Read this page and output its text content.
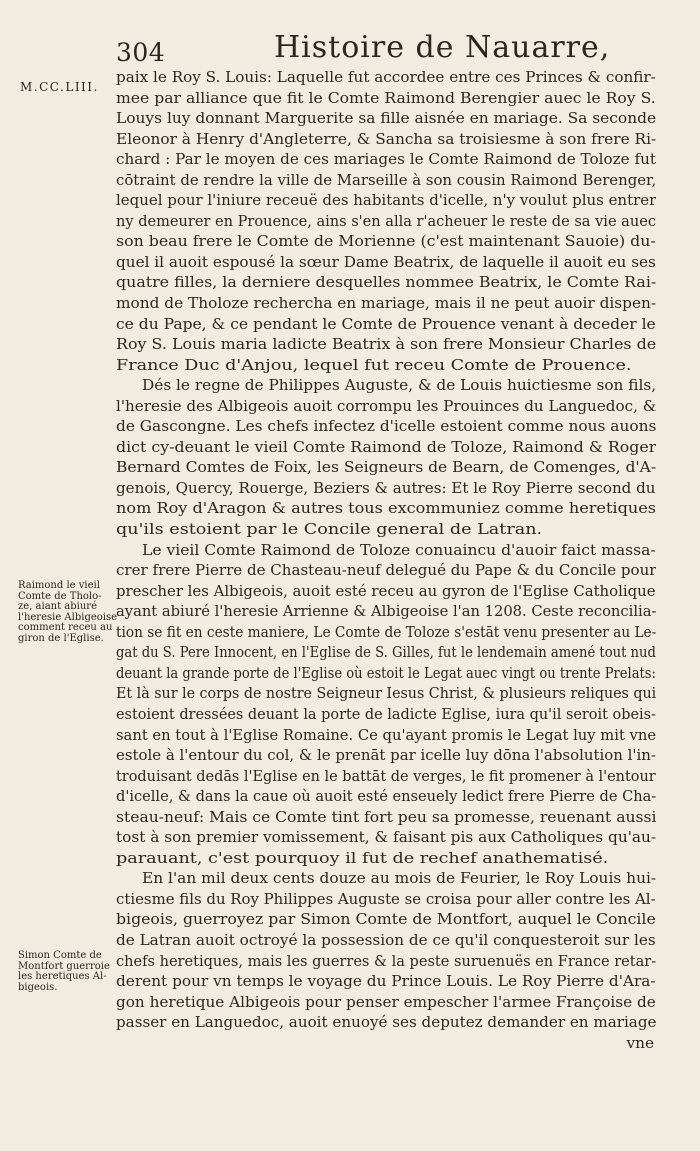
304	Histoire de Nauarre,
M.CC.LIII.
paix le Roy S. Louis: Laquelle fut accordee entre ces Princes & confir-
mee par alliance que fit le Comte Raimond Berengier auec le Roy S.
Louys luy donnant Marguerite sa fille aisnée en mariage. Sa seconde
Eleonor à Henry d'Angleterre, & Sancha sa troisiesme à son frere Ri-
chard : Par le moyen de ces mariages le Comte Raimond de Toloze fut
cōtraint de rendre la ville de Marseille à son cousin Raimond Berenger,
lequel pour l'iniure receuë des habitants d'icelle, n'y voulut plus entrer
ny demeurer en Prouence, ains s'en alla r'acheuer le reste de sa vie auec
son beau frere le Comte de Morienne (c'est maintenant Sauoie) du-
quel il auoit espousé la sœur Dame Beatrix, de laquelle il auoit eu ses
quatre filles, la derniere desquelles nommee Beatrix, le Comte Rai-
mond de Tholoze rechercha en mariage, mais il ne peut auoir dispen-
ce du Pape, & ce pendant le Comte de Prouence venant à deceder le
Roy S. Louis maria ladicte Beatrix à son frere Monsieur Charles de
France Duc d'Anjou, lequel fut receu Comte de Prouence.
Dés le regne de Philippes Auguste, & de Louis huictiesme son fils,
l'heresie des Albigeois auoit corrompu les Prouinces du Languedoc, &
de Gascongne. Les chefs infectez d'icelle estoient comme nous auons
dict cy-deuant le vieil Comte Raimond de Toloze, Raimond & Roger
Bernard Comtes de Foix, les Seigneurs de Bearn, de Comenges, d'A-
genois, Quercy, Rouerge, Beziers & autres: Et le Roy Pierre second du
nom Roy d'Aragon & autres tous excommuniez comme heretiques
qu'ils estoient par le Concile general de Latran.
Le vieil Comte Raimond de Toloze conuaincu d'auoir faict massa-
crer frere Pierre de Chasteau-neuf delegué du Pape & du Concile pour
prescher les Albigeois, auoit esté receu au gyron de l'Eglise Catholique
ayant abiuré l'heresie Arrienne & Albigeoise l'an 1208. Ceste reconcilia-
tion se fit en ceste maniere, Le Comte de Toloze s'estāt venu presenter au Le-
gat du S. Pere Innocent, en l'Eglise de S. Gilles, fut le lendemain amené tout nud
deuant la grande porte de l'Eglise où estoit le Legat auec vingt ou trente Prelats:
Et là sur le corps de nostre Seigneur Iesus Christ, & plusieurs reliques qui
estoient dressées deuant la porte de ladicte Eglise, iura qu'il seroit obeis-
sant en tout à l'Eglise Romaine. Ce qu'ayant promis le Legat luy mit vne
estole à l'entour du col, & le prenāt par icelle luy dōna l'absolution l'in-
troduisant dedās l'Eglise en le battāt de verges, le fit promener à l'entour
d'icelle, & dans la caue où auoit esté enseuely ledict frere Pierre de Cha-
steau-neuf: Mais ce Comte tint fort peu sa promesse, reuenant aussi
tost à son premier vomissement, & faisant pis aux Catholiques qu'au-
parauant, c'est pourquoy il fut de rechef anathematisé.
En l'an mil deux cents douze au mois de Feurier, le Roy Louis hui-
ctiesme fils du Roy Philippes Auguste se croisa pour aller contre les Al-
bigeois, guerroyez par Simon Comte de Montfort, auquel le Concile
de Latran auoit octroyé la possession de ce qu'il conquesteroit sur les
chefs heretiques, mais les guerres & la peste suruenuës en France retar-
derent pour vn temps le voyage du Prince Louis. Le Roy Pierre d'Ara-
gon heretique Albigeois pour penser empescher l'armee Françoise de
passer en Languedoc, auoit enuoyé ses deputez demander en mariage
vne
Raimond le vieil
Comte de Tholo-
ze, aiant abiuré
l'heresie Albigeoise
comment receu au
giron de l'Eglise.
Simon Comte de
Montfort guerroie
les heretiques Al-
bigeois.
